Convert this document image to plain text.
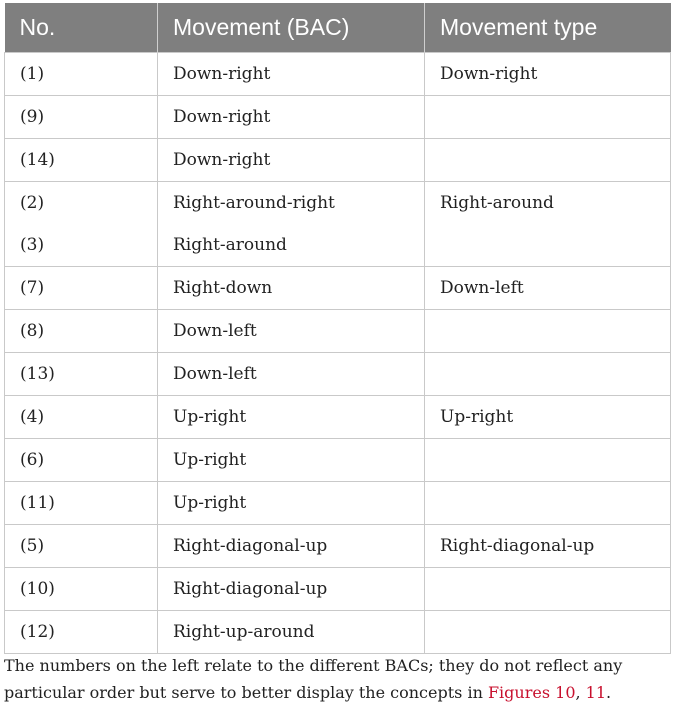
No.	Movement (BAC)	Movement type
(1)	Down-right	Down-right
(9)	Down-right	
(14)	Down-right	
(2)	Right-around-right	Right-around
(3)	Right-around	
(7)	Right-down	Down-left
(8)	Down-left	
(13)	Down-left	
(4)	Up-right	Up-right
(6)	Up-right	
(11)	Up-right	
(5)	Right-diagonal-up	Right-diagonal-up
(10)	Right-diagonal-up	
(12)	Right-up-around	
The numbers on the left relate to the different BACs; they do not reflect any particular order but serve to better display the concepts in Figures 10, 11.
